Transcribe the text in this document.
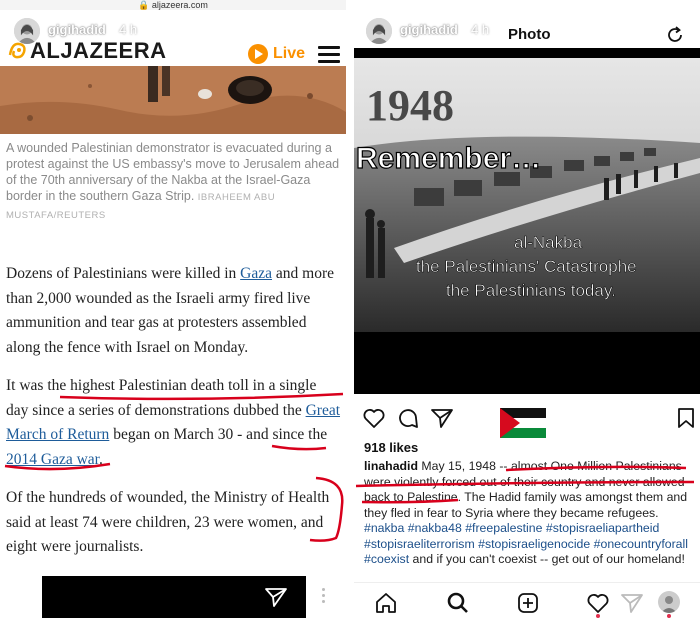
🔒 aljazeera.com
gigihadid 4 h
ALJAZEERA	Live
A wounded Palestinian demonstrator is evacuated during a protest against the US embassy's move to Jerusalem ahead of the 70th anniversary of the Nakba at the Israel-Gaza border in the southern Gaza Strip. IBRAHEEM ABU MUSTAFA/REUTERS
Dozens of Palestinians were killed in Gaza and more than 2,000 wounded as the Israeli army fired live ammunition and tear gas at protesters assembled along the fence with Israel on Monday.
It was the highest Palestinian death toll in a single day since a series of demonstrations dubbed the Great March of Return began on March 30 - and since the 2014 Gaza war.
Of the hundreds of wounded, the Ministry of Health said at least 74 were children, 23 were women, and eight were journalists.
gigihadid 4 h Photo
1948
Remember…
al-Nakba
the Palestinians' Catastrophe
the Palestinians today.
918 likes
linahadid May 15, 1948 -- almost One Million Palestinians were violently forced out of their country and never allowed back to Palestine. The Hadid family was amongst them and they fled in fear to Syria where they became refugees. #nakba #nakba48 #freepalestine #stopisraeliapartheid #stopisraeliterrorism #stopisraeligenocide #onecountryforall #coexist and if you can't coexist -- get out of our homeland!
